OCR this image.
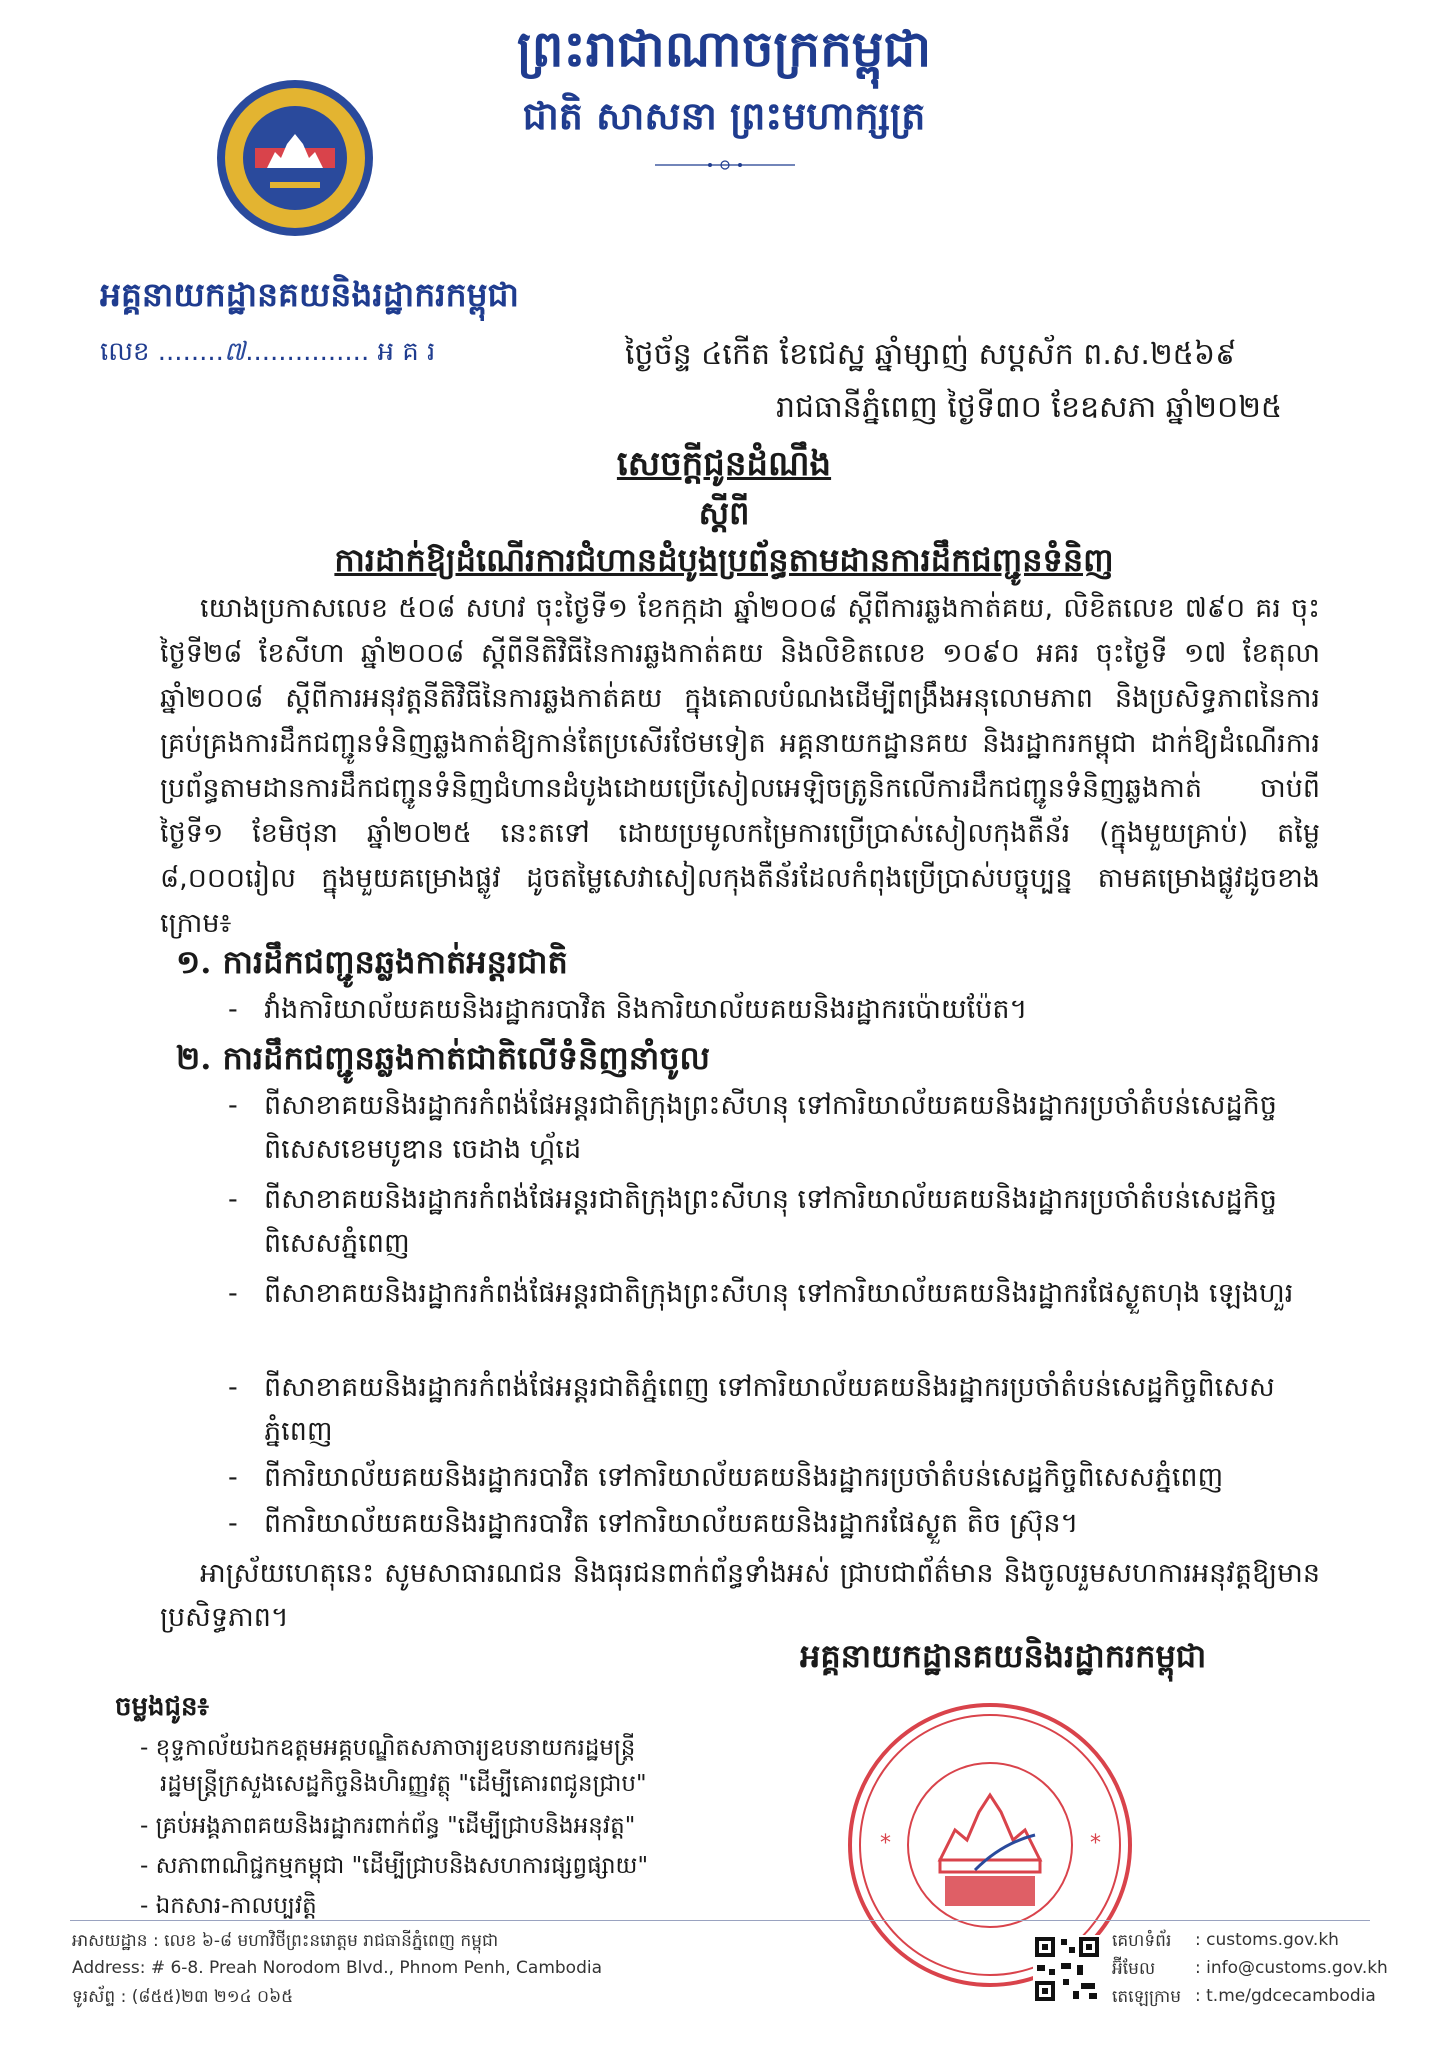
ព្រះរាជាណាចក្រកម្ពុជា
ជាតិ សាសនា ព្រះមហាក្សត្រ
អគ្គនាយកដ្ឋានគយនិងរដ្ឋាករកម្ពុជា
លេខ ........៧............... អ គ រ	ថ្ងៃច័ន្ទ ៤កើត ខែជេស្ឋ ឆ្នាំម្សាញ់ សប្តស័ក ព.ស.២៥៦៩
រាជធានីភ្នំពេញ ថ្ងៃទី៣០ ខែឧសភា ឆ្នាំ២០២៥
សេចក្តីជូនដំណឹង
ស្តីពី
ការដាក់ឱ្យដំណើរការជំហានដំបូងប្រព័ន្ធតាមដានការដឹកជញ្ជូនទំនិញ
យោងប្រកាសលេខ ៥០៨ សហវ ចុះថ្ងៃទី១ ខែកក្កដា ឆ្នាំ២០០៨ ស្តីពីការឆ្លងកាត់គយ, លិខិតលេខ ៧៩០ គរ ចុះថ្ងៃទី២៨ ខែសីហា ឆ្នាំ២០០៨ ស្តីពីនីតិវិធីនៃការឆ្លងកាត់គយ និងលិខិតលេខ ១០៩០ អគរ ចុះថ្ងៃទី ១៧ ខែតុលា ឆ្នាំ២០០៨ ស្តីពីការអនុវត្តនីតិវិធីនៃការឆ្លងកាត់គយ ក្នុងគោលបំណងដើម្បីពង្រឹងអនុលោមភាព និងប្រសិទ្ធភាពនៃការគ្រប់គ្រងការដឹកជញ្ជូនទំនិញឆ្លងកាត់ឱ្យកាន់តែប្រសើរថែមទៀត អគ្គនាយកដ្ឋានគយ និងរដ្ឋាករកម្ពុជា ដាក់ឱ្យដំណើរការប្រព័ន្ធតាមដានការដឹកជញ្ជូនទំនិញជំហានដំបូងដោយប្រើសៀលអេឡិចត្រូនិកលើការដឹកជញ្ជូនទំនិញឆ្លងកាត់ ចាប់ពីថ្ងៃទី១ ខែមិថុនា ឆ្នាំ២០២៥ នេះតទៅ ដោយប្រមូលកម្រៃការប្រើប្រាស់សៀលកុងតឺន័រ (ក្នុងមួយគ្រាប់) តម្លៃ ៨,០០០រៀល ក្នុងមួយគម្រោងផ្លូវ ដូចតម្លៃសេវាសៀលកុងតឺន័រដែលកំពុងប្រើប្រាស់បច្ចុប្បន្ន តាមគម្រោងផ្លូវដូចខាងក្រោម៖
១. ការដឹកជញ្ជូនឆ្លងកាត់អន្តរជាតិ
- វាំងការិយាល័យគយនិងរដ្ឋាករបាវិត និងការិយាល័យគយនិងរដ្ឋាករប៉ោយប៉ែត។
២. ការដឹកជញ្ជូនឆ្លងកាត់ជាតិលើទំនិញនាំចូល
- ពីសាខាគយនិងរដ្ឋាករកំពង់ផែអន្តរជាតិក្រុងព្រះសីហនុ ទៅការិយាល័យគយនិងរដ្ឋាករប្រចាំតំបន់សេដ្ឋកិច្ចពិសេសខេមបូឌាន ចេដាង ហ្គ័ដេ
- ពីសាខាគយនិងរដ្ឋាករកំពង់ផែអន្តរជាតិក្រុងព្រះសីហនុ ទៅការិយាល័យគយនិងរដ្ឋាករប្រចាំតំបន់សេដ្ឋកិច្ចពិសេសភ្នំពេញ
- ពីសាខាគយនិងរដ្ឋាករកំពង់ផែអន្តរជាតិក្រុងព្រះសីហនុ ទៅការិយាល័យគយនិងរដ្ឋាករផែស្ងួតហុង ឡេងហួរ
- ពីសាខាគយនិងរដ្ឋាករកំពង់ផែអន្តរជាតិភ្នំពេញ ទៅការិយាល័យគយនិងរដ្ឋាករប្រចាំតំបន់សេដ្ឋកិច្ចពិសេសភ្នំពេញ
- ពីការិយាល័យគយនិងរដ្ឋាករបាវិត ទៅការិយាល័យគយនិងរដ្ឋាករប្រចាំតំបន់សេដ្ឋកិច្ចពិសេសភ្នំពេញ
- ពីការិយាល័យគយនិងរដ្ឋាករបាវិត ទៅការិយាល័យគយនិងរដ្ឋាករផែស្ងួត តិច ស្រ៊ុន។
អាស្រ័យហេតុនេះ សូមសាធារណជន និងធុរជនពាក់ព័ន្ធទាំងអស់ ជ្រាបជាព័ត៌មាន និងចូលរួមសហការអនុវត្តឱ្យមានប្រសិទ្ធភាព។
អគ្គនាយកដ្ឋានគយនិងរដ្ឋាករកម្ពុជា
ចម្លងជូន៖
- ខុទ្ទកាល័យឯកឧត្តមអគ្គបណ្ឌិតសភាចារ្យឧបនាយករដ្ឋមន្ត្រី
រដ្ឋមន្ត្រីក្រសួងសេដ្ឋកិច្ចនិងហិរញ្ញវត្ថុ "ដើម្បីគោរពជូនជ្រាប"
- គ្រប់អង្គភាពគយនិងរដ្ឋាករពាក់ព័ន្ធ "ដើម្បីជ្រាបនិងអនុវត្ត"
- សភាពាណិជ្ជកម្មកម្ពុជា "ដើម្បីជ្រាបនិងសហការផ្សព្វផ្សាយ"
- ឯកសារ-កាលប្បវត្តិ
*	*
អាសយដ្ឋាន : លេខ ៦-៨ មហាវិថីព្រះនរោត្តម រាជធានីភ្នំពេញ កម្ពុជា
Address: # 6-8. Preah Norodom Blvd., Phnom Penh, Cambodia
ទូរស័ព្ទ : (៨៥៥)២៣ ២១៤ ០៦៥
គេហទំព័រ : customs.gov.kh
អ៊ីមែល : info@customs.gov.kh
តេឡេក្រាម : t.me/gdcecambodia
